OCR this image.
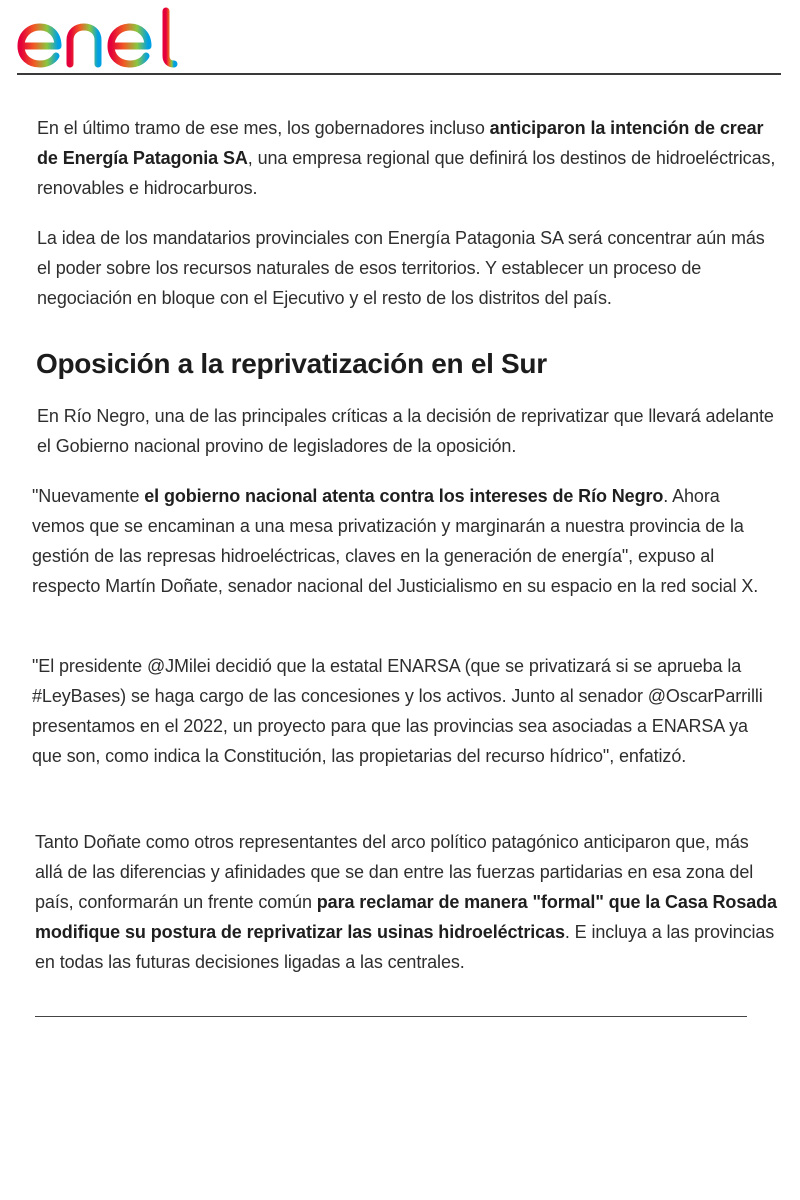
En el último tramo de ese mes, los gobernadores incluso anticiparon la intención de crear de Energía Patagonia SA, una empresa regional que definirá los destinos de hidroeléctricas, renovables e hidrocarburos.

La idea de los mandatarios provinciales con Energía Patagonia SA será concentrar aún más el poder sobre los recursos naturales de esos territorios. Y establecer un proceso de negociación en bloque con el Ejecutivo y el resto de los distritos del país.

Oposición a la reprivatización en el Sur

En Río Negro, una de las principales críticas a la decisión de reprivatizar que llevará adelante el Gobierno nacional provino de legisladores de la oposición.

"Nuevamente el gobierno nacional atenta contra los intereses de Río Negro. Ahora vemos que se encaminan a una mesa privatización y marginarán a nuestra provincia de la gestión de las represas hidroeléctricas, claves en la generación de energía", expuso al respecto Martín Doñate, senador nacional del Justicialismo en su espacio en la red social X.

"El presidente @JMilei decidió que la estatal ENARSA (que se privatizará si se aprueba la #LeyBases) se haga cargo de las concesiones y los activos. Junto al senador @OscarParrilli presentamos en el 2022, un proyecto para que las provincias sea asociadas a ENARSA ya que son, como indica la Constitución, las propietarias del recurso hídrico", enfatizó.

Tanto Doñate como otros representantes del arco político patagónico anticiparon que, más allá de las diferencias y afinidades que se dan entre las fuerzas partidarias en esa zona del país, conformarán un frente común para reclamar de manera "formal" que la Casa Rosada modifique su postura de reprivatizar las usinas hidroeléctricas. E incluya a las provincias en todas las futuras decisiones ligadas a las centrales.
